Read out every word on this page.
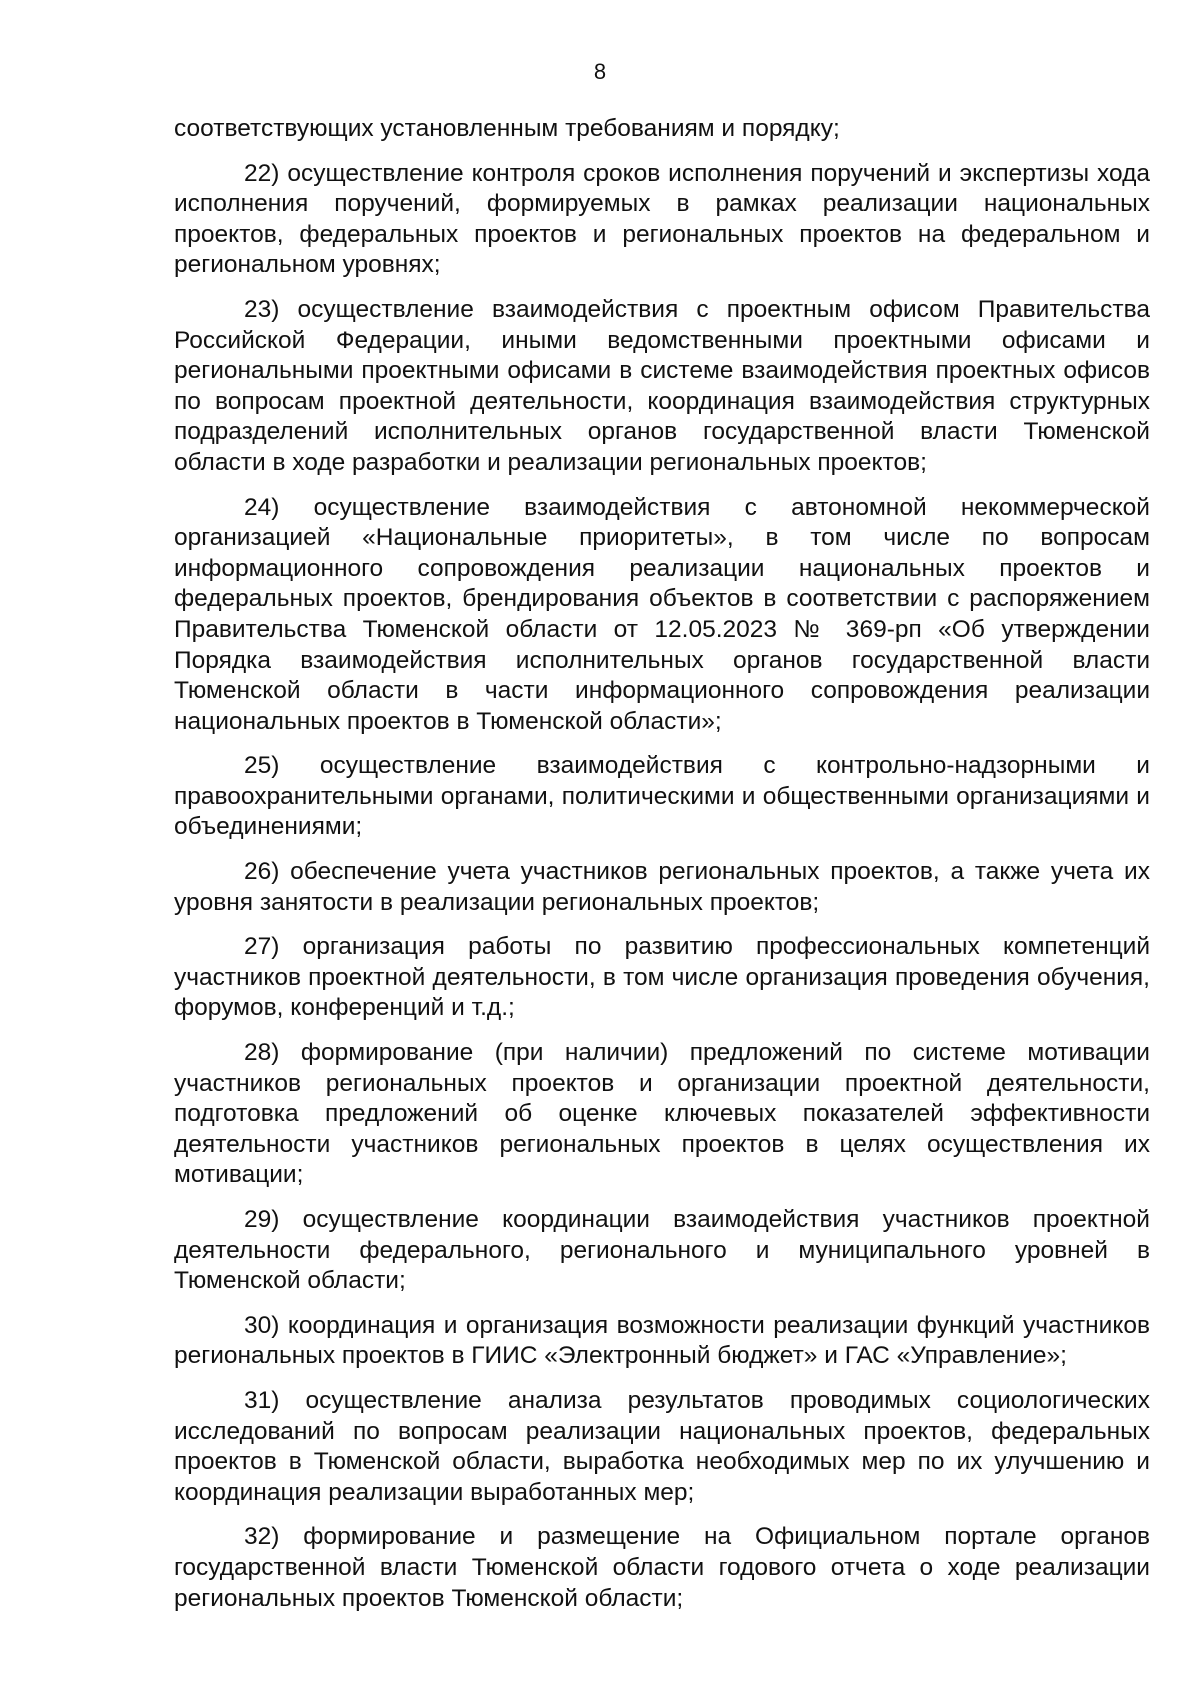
8

соответствующих установленным требованиям и порядку;

22) осуществление контроля сроков исполнения поручений и экспертизы хода исполнения поручений, формируемых в рамках реализации национальных проектов, федеральных проектов и региональных проектов на федеральном и региональном уровнях;

23) осуществление взаимодействия с проектным офисом Правительства Российской Федерации, иными ведомственными проектными офисами и региональными проектными офисами в системе взаимодействия проектных офисов по вопросам проектной деятельности, координация взаимодействия структурных подразделений исполнительных органов государственной власти Тюменской области в ходе разработки и реализации региональных проектов;

24) осуществление взаимодействия с автономной некоммерческой организацией «Национальные приоритеты», в том числе по вопросам информационного сопровождения реализации национальных проектов и федеральных проектов, брендирования объектов в соответствии с распоряжением Правительства Тюменской области от 12.05.2023 № 369-рп «Об утверждении Порядка взаимодействия исполнительных органов государственной власти Тюменской области в части информационного сопровождения реализации национальных проектов в Тюменской области»;

25) осуществление взаимодействия с контрольно-надзорными и правоохранительными органами, политическими и общественными организациями и объединениями;

26) обеспечение учета участников региональных проектов, а также учета их уровня занятости в реализации региональных проектов;

27) организация работы по развитию профессиональных компетенций участников проектной деятельности, в том числе организация проведения обучения, форумов, конференций и т.д.;

28) формирование (при наличии) предложений по системе мотивации участников региональных проектов и организации проектной деятельности, подготовка предложений об оценке ключевых показателей эффективности деятельности участников региональных проектов в целях осуществления их мотивации;

29) осуществление координации взаимодействия участников проектной деятельности федерального, регионального и муниципального уровней в Тюменской области;

30) координация и организация возможности реализации функций участников региональных проектов в ГИИС «Электронный бюджет» и ГАС «Управление»;

31) осуществление анализа результатов проводимых социологических исследований по вопросам реализации национальных проектов, федеральных проектов в Тюменской области, выработка необходимых мер по их улучшению и координация реализации выработанных мер;

32) формирование и размещение на Официальном портале органов государственной власти Тюменской области годового отчета о ходе реализации региональных проектов Тюменской области;
